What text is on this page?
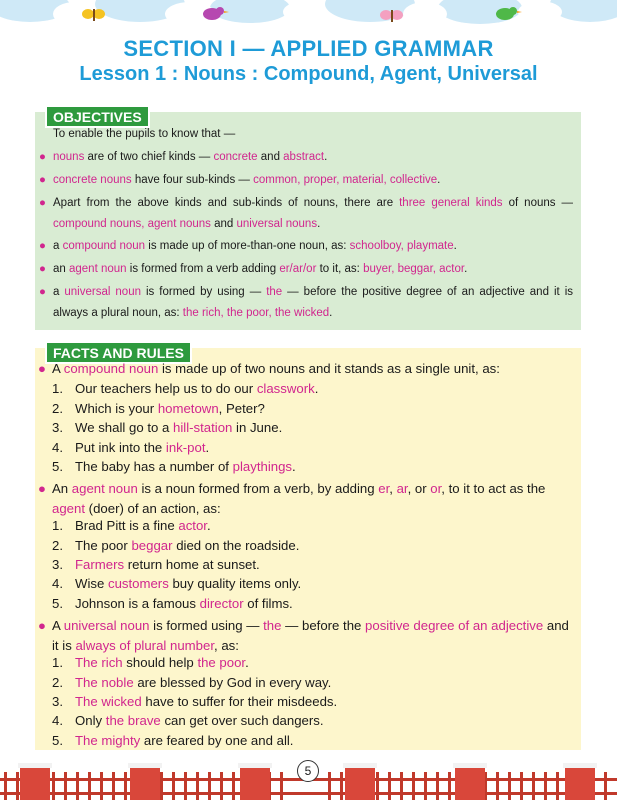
SECTION I — APPLIED GRAMMAR
Lesson 1 : Nouns : Compound, Agent, Universal
OBJECTIVES
To enable the pupils to know that —
● nouns are of two chief kinds — concrete and abstract.
● concrete nouns have four sub-kinds — common, proper, material, collective.
● Apart from the above kinds and sub-kinds of nouns, there are three general kinds of nouns — compound nouns, agent nouns and universal nouns.
● a compound noun is made up of more-than-one noun, as: schoolboy, playmate.
● an agent noun is formed from a verb adding er/ar/or to it, as: buyer, beggar, actor.
● a universal noun is formed by using — the — before the positive degree of an adjective and it is always a plural noun, as: the rich, the poor, the wicked.
FACTS AND RULES
● A compound noun is made up of two nouns and it stands as a single unit, as:
1. Our teachers help us to do our classwork.
2. Which is your hometown, Peter?
3. We shall go to a hill-station in June.
4. Put ink into the ink-pot.
5. The baby has a number of playthings.
● An agent noun is a noun formed from a verb, by adding er, ar, or or, to it to act as the agent (doer) of an action, as:
1. Brad Pitt is a fine actor.
2. The poor beggar died on the roadside.
3. Farmers return home at sunset.
4. Wise customers buy quality items only.
5. Johnson is a famous director of films.
● A universal noun is formed using — the — before the positive degree of an adjective and it is always of plural number, as:
1. The rich should help the poor.
2. The noble are blessed by God in every way.
3. The wicked have to suffer for their misdeeds.
4. Only the brave can get over such dangers.
5. The mighty are feared by one and all.
5
